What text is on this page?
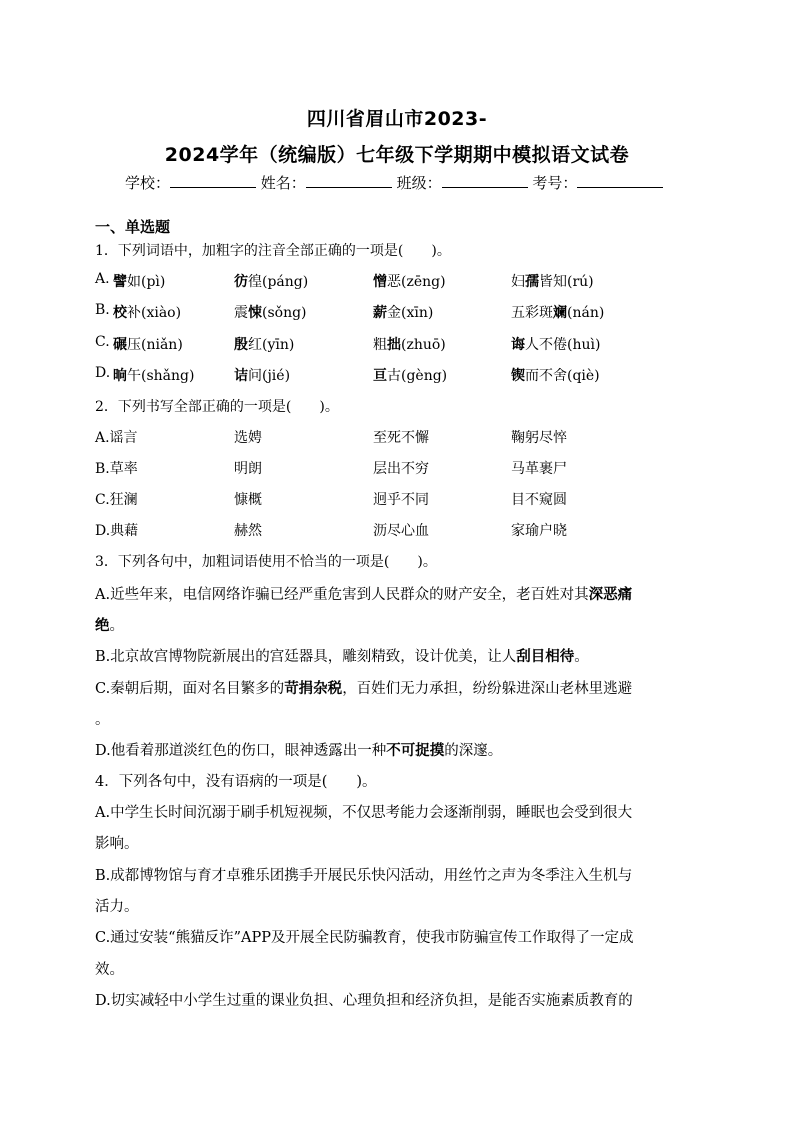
四川省眉山市2023-
2024学年（统编版）七年级下学期期中模拟语文试卷
学校：	姓名：	班级：	考号：
一、单选题
1．下列词语中，加粗字的注音全部正确的一项是(　　)。
A. 譬如(pì)	彷徨(páng)	憎恶(zēng)	妇孺皆知(rú)
B. 校补(xiào)	震悚(sǒng)	薪金(xīn)	五彩斑斓(nán)
C. 碾压(niǎn)	殷红(yīn)	粗拙(zhuō)	诲人不倦(huì)
D. 晌午(shǎng)	诘问(jié)	亘古(gèng)	锲而不舍(qiè)
2．下列书写全部正确的一项是(　　)。
A.谣言	选娉	至死不懈	鞠躬尽悴
B.草率	明朗	层出不穷	马革裹尸
C.狂澜	慷概	迥乎不同	目不窥圆
D.典藉	赫然	沥尽心血	家瑜户晓
3．下列各句中，加粗词语使用不恰当的一项是(　　)。
A.近些年来，电信网络诈骗已经严重危害到人民群众的财产安全，老百姓对其深恶痛
绝。
B.北京故宫博物院新展出的宫廷器具，雕刻精致，设计优美，让人刮目相待。
C.秦朝后期，面对名目繁多的苛捐杂税，百姓们无力承担，纷纷躲进深山老林里逃避
。
D.他看着那道淡红色的伤口，眼神透露出一种不可捉摸的深邃。
4．下列各句中，没有语病的一项是(　　)。
A.中学生长时间沉溺于刷手机短视频，不仅思考能力会逐渐削弱，睡眠也会受到很大
影响。
B.成都博物馆与育才卓雅乐团携手开展民乐快闪活动，用丝竹之声为冬季注入生机与
活力。
C.通过安装“熊猫反诈”APP及开展全民防骗教育，使我市防骗宣传工作取得了一定成
效。
D.切实减轻中小学生过重的课业负担、心理负担和经济负担，是能否实施素质教育的
